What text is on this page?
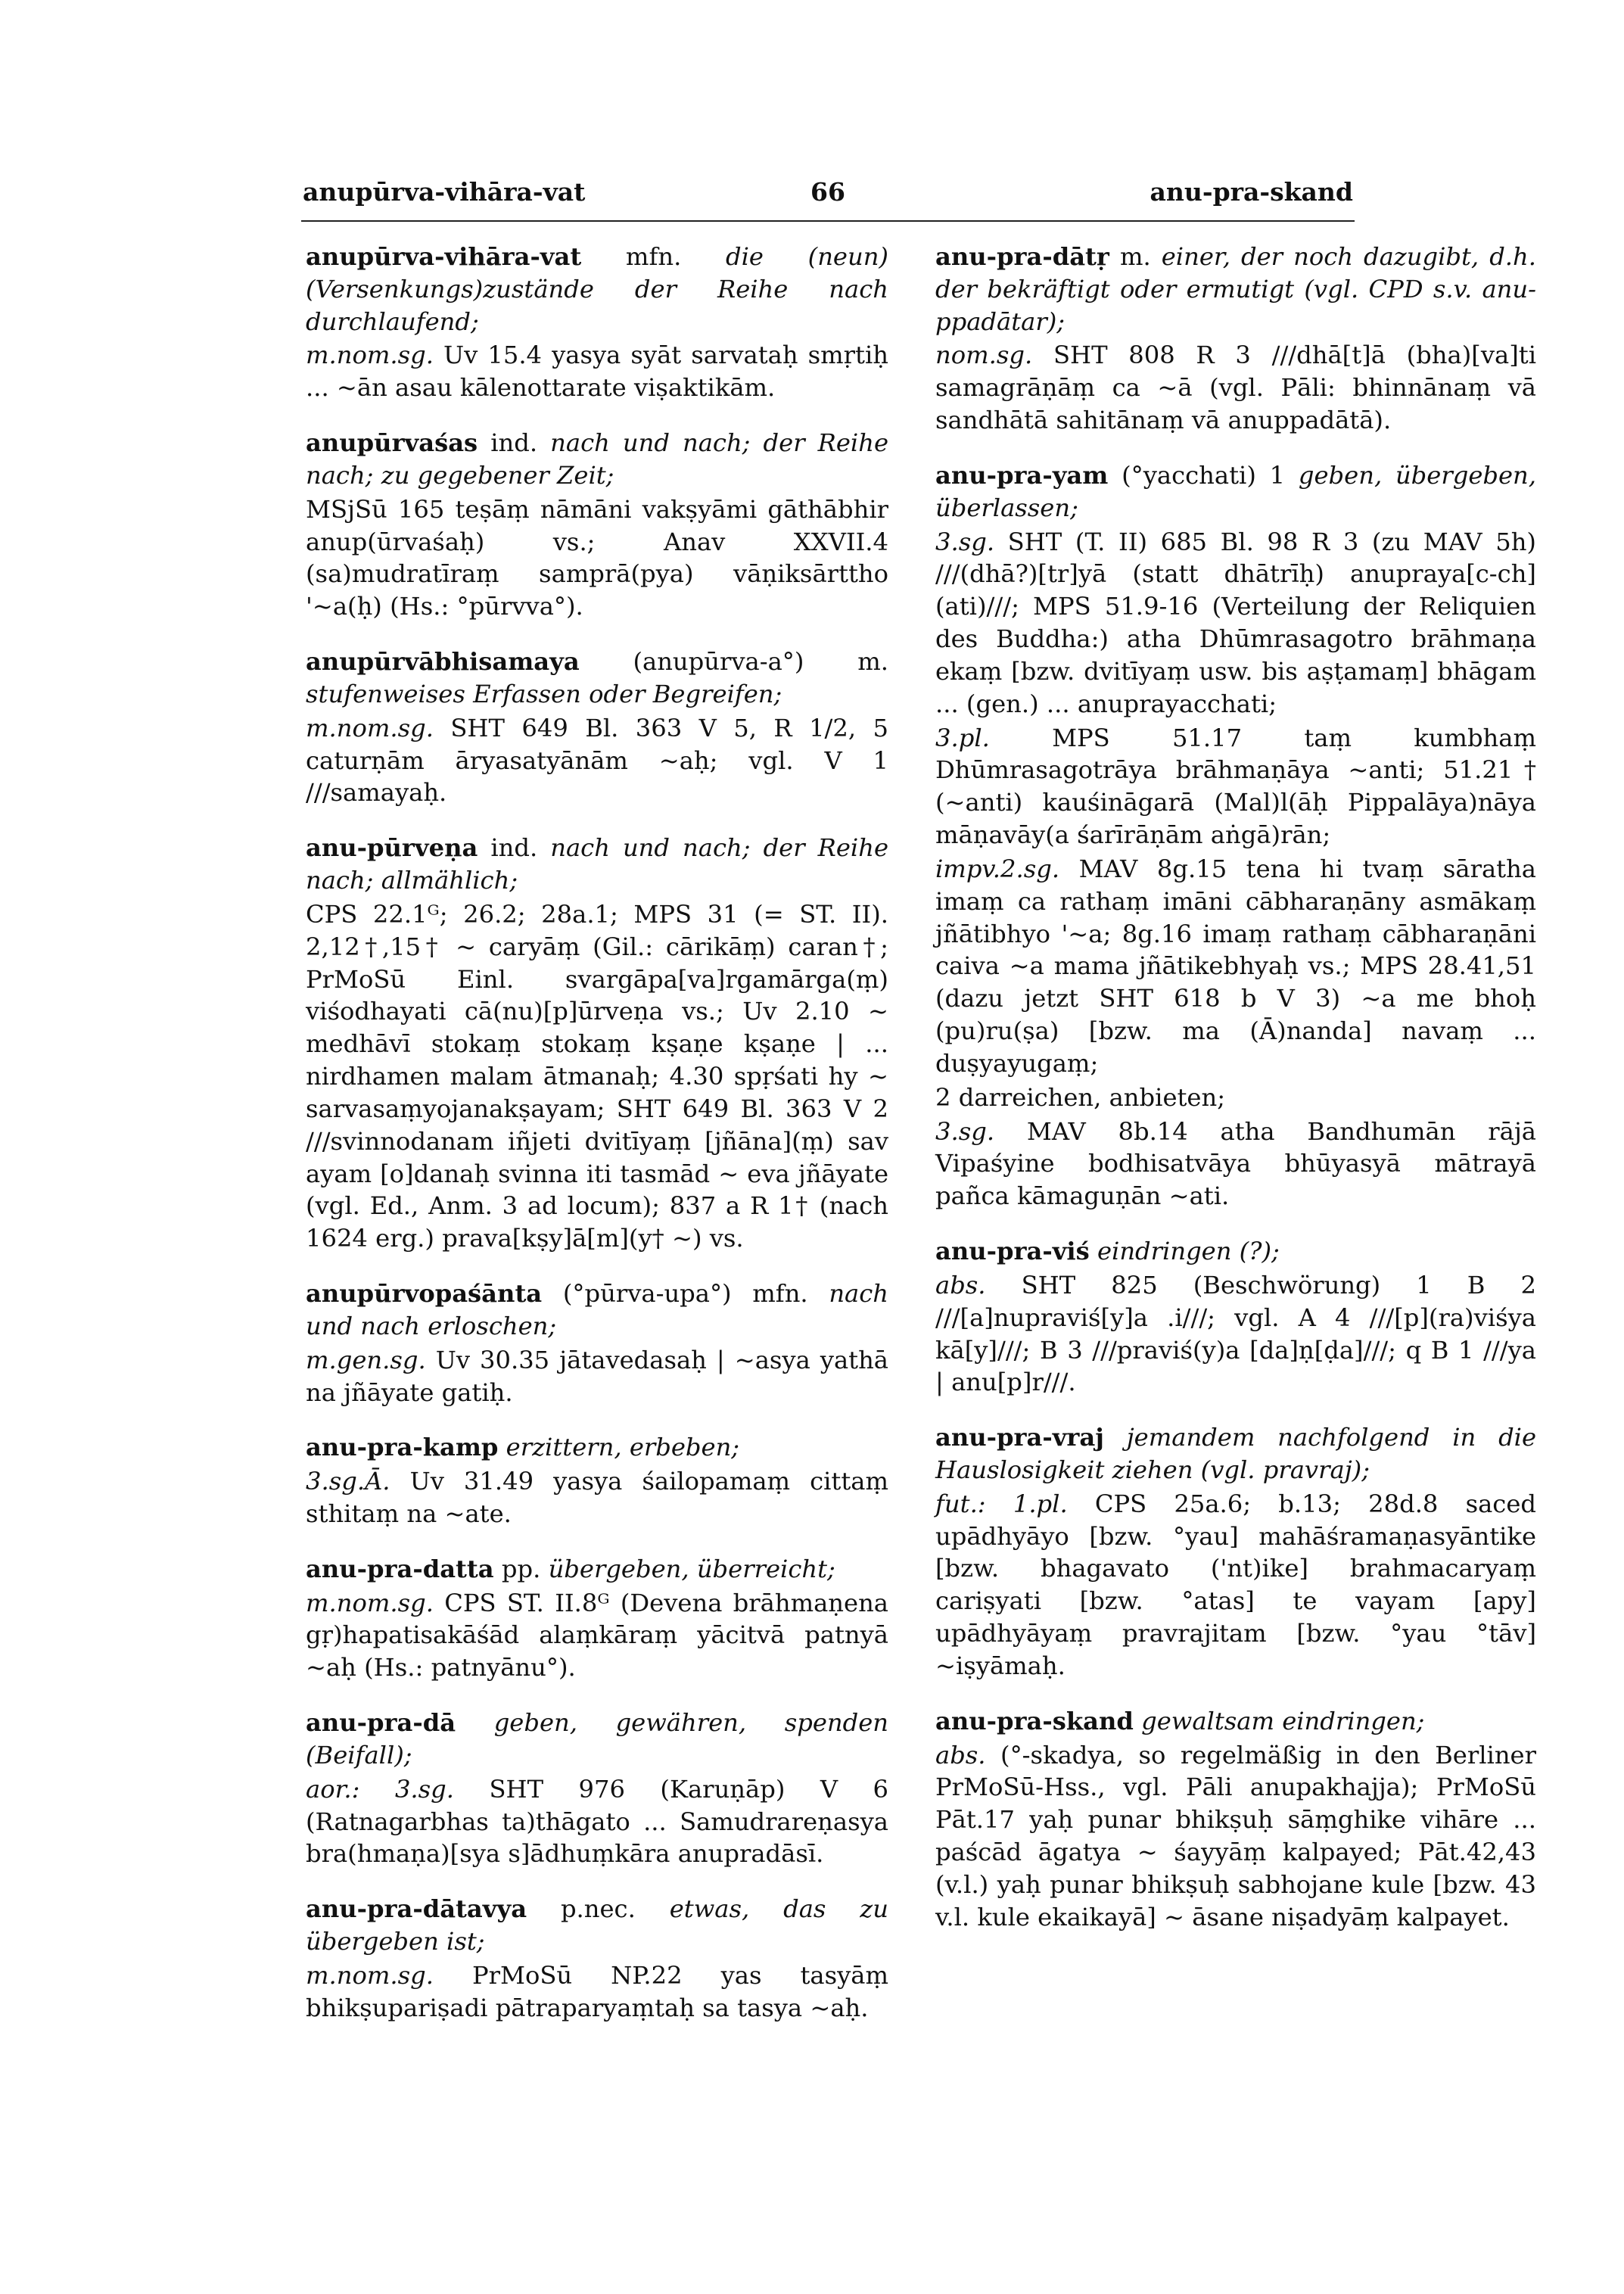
anupūrva-vihāra-vat	66	anu-pra-skand

anupūrva-vihāra-vat mfn. die (neun) (Versenkungs)zustände der Reihe nach durchlaufend;

m.nom.sg. Uv 15.4 yasya syāt sarvataḥ smṛtiḥ ... ~ān asau kālenottarate viṣaktikām.

anupūrvaśas ind. nach und nach; der Reihe nach; zu gegebener Zeit;

MSjSū 165 teṣāṃ nāmāni vakṣyāmi gāthābhir anup(ūrvaśaḥ) vs.; Anav XXVII.4 (sa)mudratīraṃ samprā(pya) vāṇiksārttho '~a(ḥ) (Hs.: °pūrvva°).

anupūrvābhisamaya (anupūrva-a°) m. stufenweises Erfassen oder Begreifen;

m.nom.sg. SHT 649 Bl. 363 V 5, R 1/2, 5 caturṇām āryasatyānām ~aḥ; vgl. V 1 ///samayaḥ.

anu-pūrveṇa ind. nach und nach; der Reihe nach; allmählich;

CPS 22.1ᴳ; 26.2; 28a.1; MPS 31 (= ST. II). 2,12†,15† ~ caryāṃ (Gil.: cārikāṃ) caran†; PrMoSū Einl. svargāpa[va]rgamārga(ṃ) viśodhayati cā(nu)[p]ūrveṇa vs.; Uv 2.10 ~ medhāvī stokaṃ stokaṃ kṣaṇe kṣaṇe | ... nirdhamen malam ātmanaḥ; 4.30 spṛśati hy ~ sarvasaṃyojanakṣayam; SHT 649 Bl. 363 V 2 ///svinnodanam iñjeti dvitīyaṃ [jñāna](ṃ) sav ayam [o]danaḥ svinna iti tasmād ~ eva jñāyate (vgl. Ed., Anm. 3 ad locum); 837 a R 1† (nach 1624 erg.) prava[kṣy]ā[m](y† ~) vs.

anupūrvopaśānta (°pūrva-upa°) mfn. nach und nach erloschen;

m.gen.sg. Uv 30.35 jātavedasaḥ | ~asya yathā na jñāyate gatiḥ.

anu-pra-kamp erzittern, erbeben;

3.sg.Ā. Uv 31.49 yasya śailopamaṃ cittaṃ sthitaṃ na ~ate.

anu-pra-datta pp. übergeben, überreicht;

m.nom.sg. CPS ST. II.8ᴳ (Devena brāhmaṇena gṛ)hapatisakāśād alaṃkāraṃ yācitvā patnyā ~aḥ (Hs.: patnyānu°).

anu-pra-dā geben, gewähren, spenden (Beifall);

aor.: 3.sg. SHT 976 (Karuṇāp) V 6 (Ratnagarbhas ta)thāgato ... Samudrareṇasya bra(hmaṇa)[sya s]ādhuṃkāra anupradāsī.

anu-pra-dātavya p.nec. etwas, das zu übergeben ist;

m.nom.sg. PrMoSū NP.22 yas tasyāṃ bhikṣupariṣadi pātraparyaṃtaḥ sa tasya ~aḥ.

anu-pra-dātṛ m. einer, der noch dazugibt, d.h. der bekräftigt oder ermutigt (vgl. CPD s.v. anu-ppadātar);

nom.sg. SHT 808 R 3 ///dhā[t]ā (bha)[va]ti samagrāṇāṃ ca ~ā (vgl. Pāli: bhinnānaṃ vā sandhātā sahitānaṃ vā anuppadātā).

anu-pra-yam (°yacchati) 1 geben, übergeben, überlassen;

3.sg. SHT (T. II) 685 Bl. 98 R 3 (zu MAV 5h) ///(dhā?)[tr]yā (statt dhātrīḥ) anupraya[c-ch](ati)///; MPS 51.9-16 (Verteilung der Reliquien des Buddha:) atha Dhūmrasagotro brāhmaṇa ekaṃ [bzw. dvitīyaṃ usw. bis aṣṭamaṃ] bhāgam ... (gen.) ... anuprayacchati;

3.pl. MPS 51.17 taṃ kumbhaṃ Dhūmrasagotrāya brāhmaṇāya ~anti; 51.21† (~anti) kauśināgarā (Mal)l(āḥ Pippalāya)nāya māṇavāy(a śarīrāṇām aṅgā)rān;

impv.2.sg. MAV 8g.15 tena hi tvaṃ sāratha imaṃ ca rathaṃ imāni cābharaṇāny asmākaṃ jñātibhyo '~a; 8g.16 imaṃ rathaṃ cābharaṇāni caiva ~a mama jñātikebhyaḥ vs.; MPS 28.41,51 (dazu jetzt SHT 618 b V 3) ~a me bhoḥ (pu)ru(ṣa) [bzw. ma (Ā)nanda] navaṃ ... duṣyayugaṃ;

2 darreichen, anbieten;

3.sg. MAV 8b.14 atha Bandhumān rājā Vipaśyine bodhisatvāya bhūyasyā mātrayā pañca kāmaguṇān ~ati.

anu-pra-viś eindringen (?);

abs. SHT 825 (Beschwörung) 1 B 2 ///[a]nupraviś[y]a .i///; vgl. A 4 ///[p](ra)viśya kā[y]///; B 3 ///praviś(y)a [da]ṇ[ḍa]///; q B 1 ///ya | anu[p]r///.

anu-pra-vraj jemandem nachfolgend in die Hauslosigkeit ziehen (vgl. pravraj);

fut.: 1.pl. CPS 25a.6; b.13; 28d.8 saced upādhyāyo [bzw. °yau] mahāśramaṇasyāntike [bzw. bhagavato ('nt)ike] brahmacaryaṃ cariṣyati [bzw. °atas] te vayam [apy] upādhyāyaṃ pravrajitam [bzw. °yau °tāv] ~iṣyāmaḥ.

anu-pra-skand gewaltsam eindringen;

abs. (°-skadya, so regelmäßig in den Berliner PrMoSū-Hss., vgl. Pāli anupakhajja); PrMoSū Pāt.17 yaḥ punar bhikṣuḥ sāṃghike vihāre ... paścād āgatya ~ śayyāṃ kalpayed; Pāt.42,43 (v.l.) yaḥ punar bhikṣuḥ sabhojane kule [bzw. 43 v.l. kule ekaikayā] ~ āsane niṣadyāṃ kalpayet.
